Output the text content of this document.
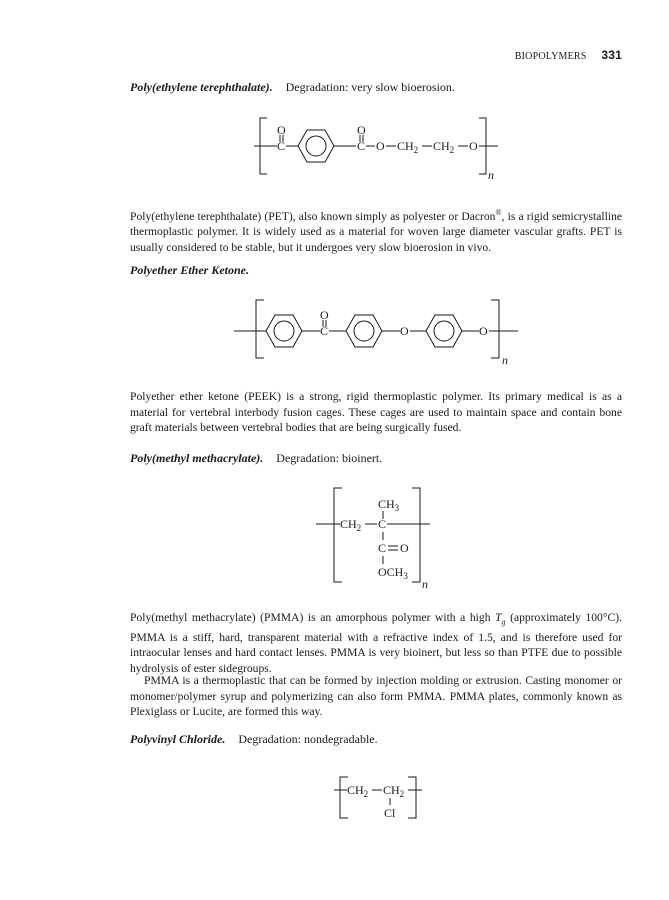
BIOPOLYMERS 331
Poly(ethylene terephthalate). Degradation: very slow bioerosion.
O
C
O
C O $CH_2$ $CH_2$ O
n

Poly(ethylene terephthalate) (PET), also known simply as polyester or Dacron®, is a rigid semicrystalline thermoplastic polymer. It is widely used as a material for woven large diameter vascular grafts. PET is usually considered to be stable, but it undergoes very slow bioerosion in vivo.

Polyether Ether Ketone.
O
C	O	O
n

Polyether ether ketone (PEEK) is a strong, rigid thermoplastic polymer. Its primary medical is as a material for vertebral interbody fusion cages. These cages are used to maintain space and contain bone graft materials between vertebral bodies that are being surgically fused.

Poly(methyl methacrylate). Degradation: bioinert.
$CH_3$
$CH_2$ C
C O
$OCH_3$
n

Poly(methyl methacrylate) (PMMA) is an amorphous polymer with a high $T_g$ (approximately 100°C). PMMA is a stiff, hard, transparent material with a refractive index of 1.5, and is therefore used for intraocular lenses and hard contact lenses. PMMA is very bioinert, but less so than PTFE due to possible hydrolysis of ester sidegroups.

PMMA is a thermoplastic that can be formed by injection molding or extrusion. Casting monomer or monomer/polymer syrup and polymerizing can also form PMMA. PMMA plates, commonly known as Plexiglass or Lucite, are formed this way.

Polyvinyl Chloride. Degradation: nondegradable.
$CH_2$ $CH_2$
Cl
